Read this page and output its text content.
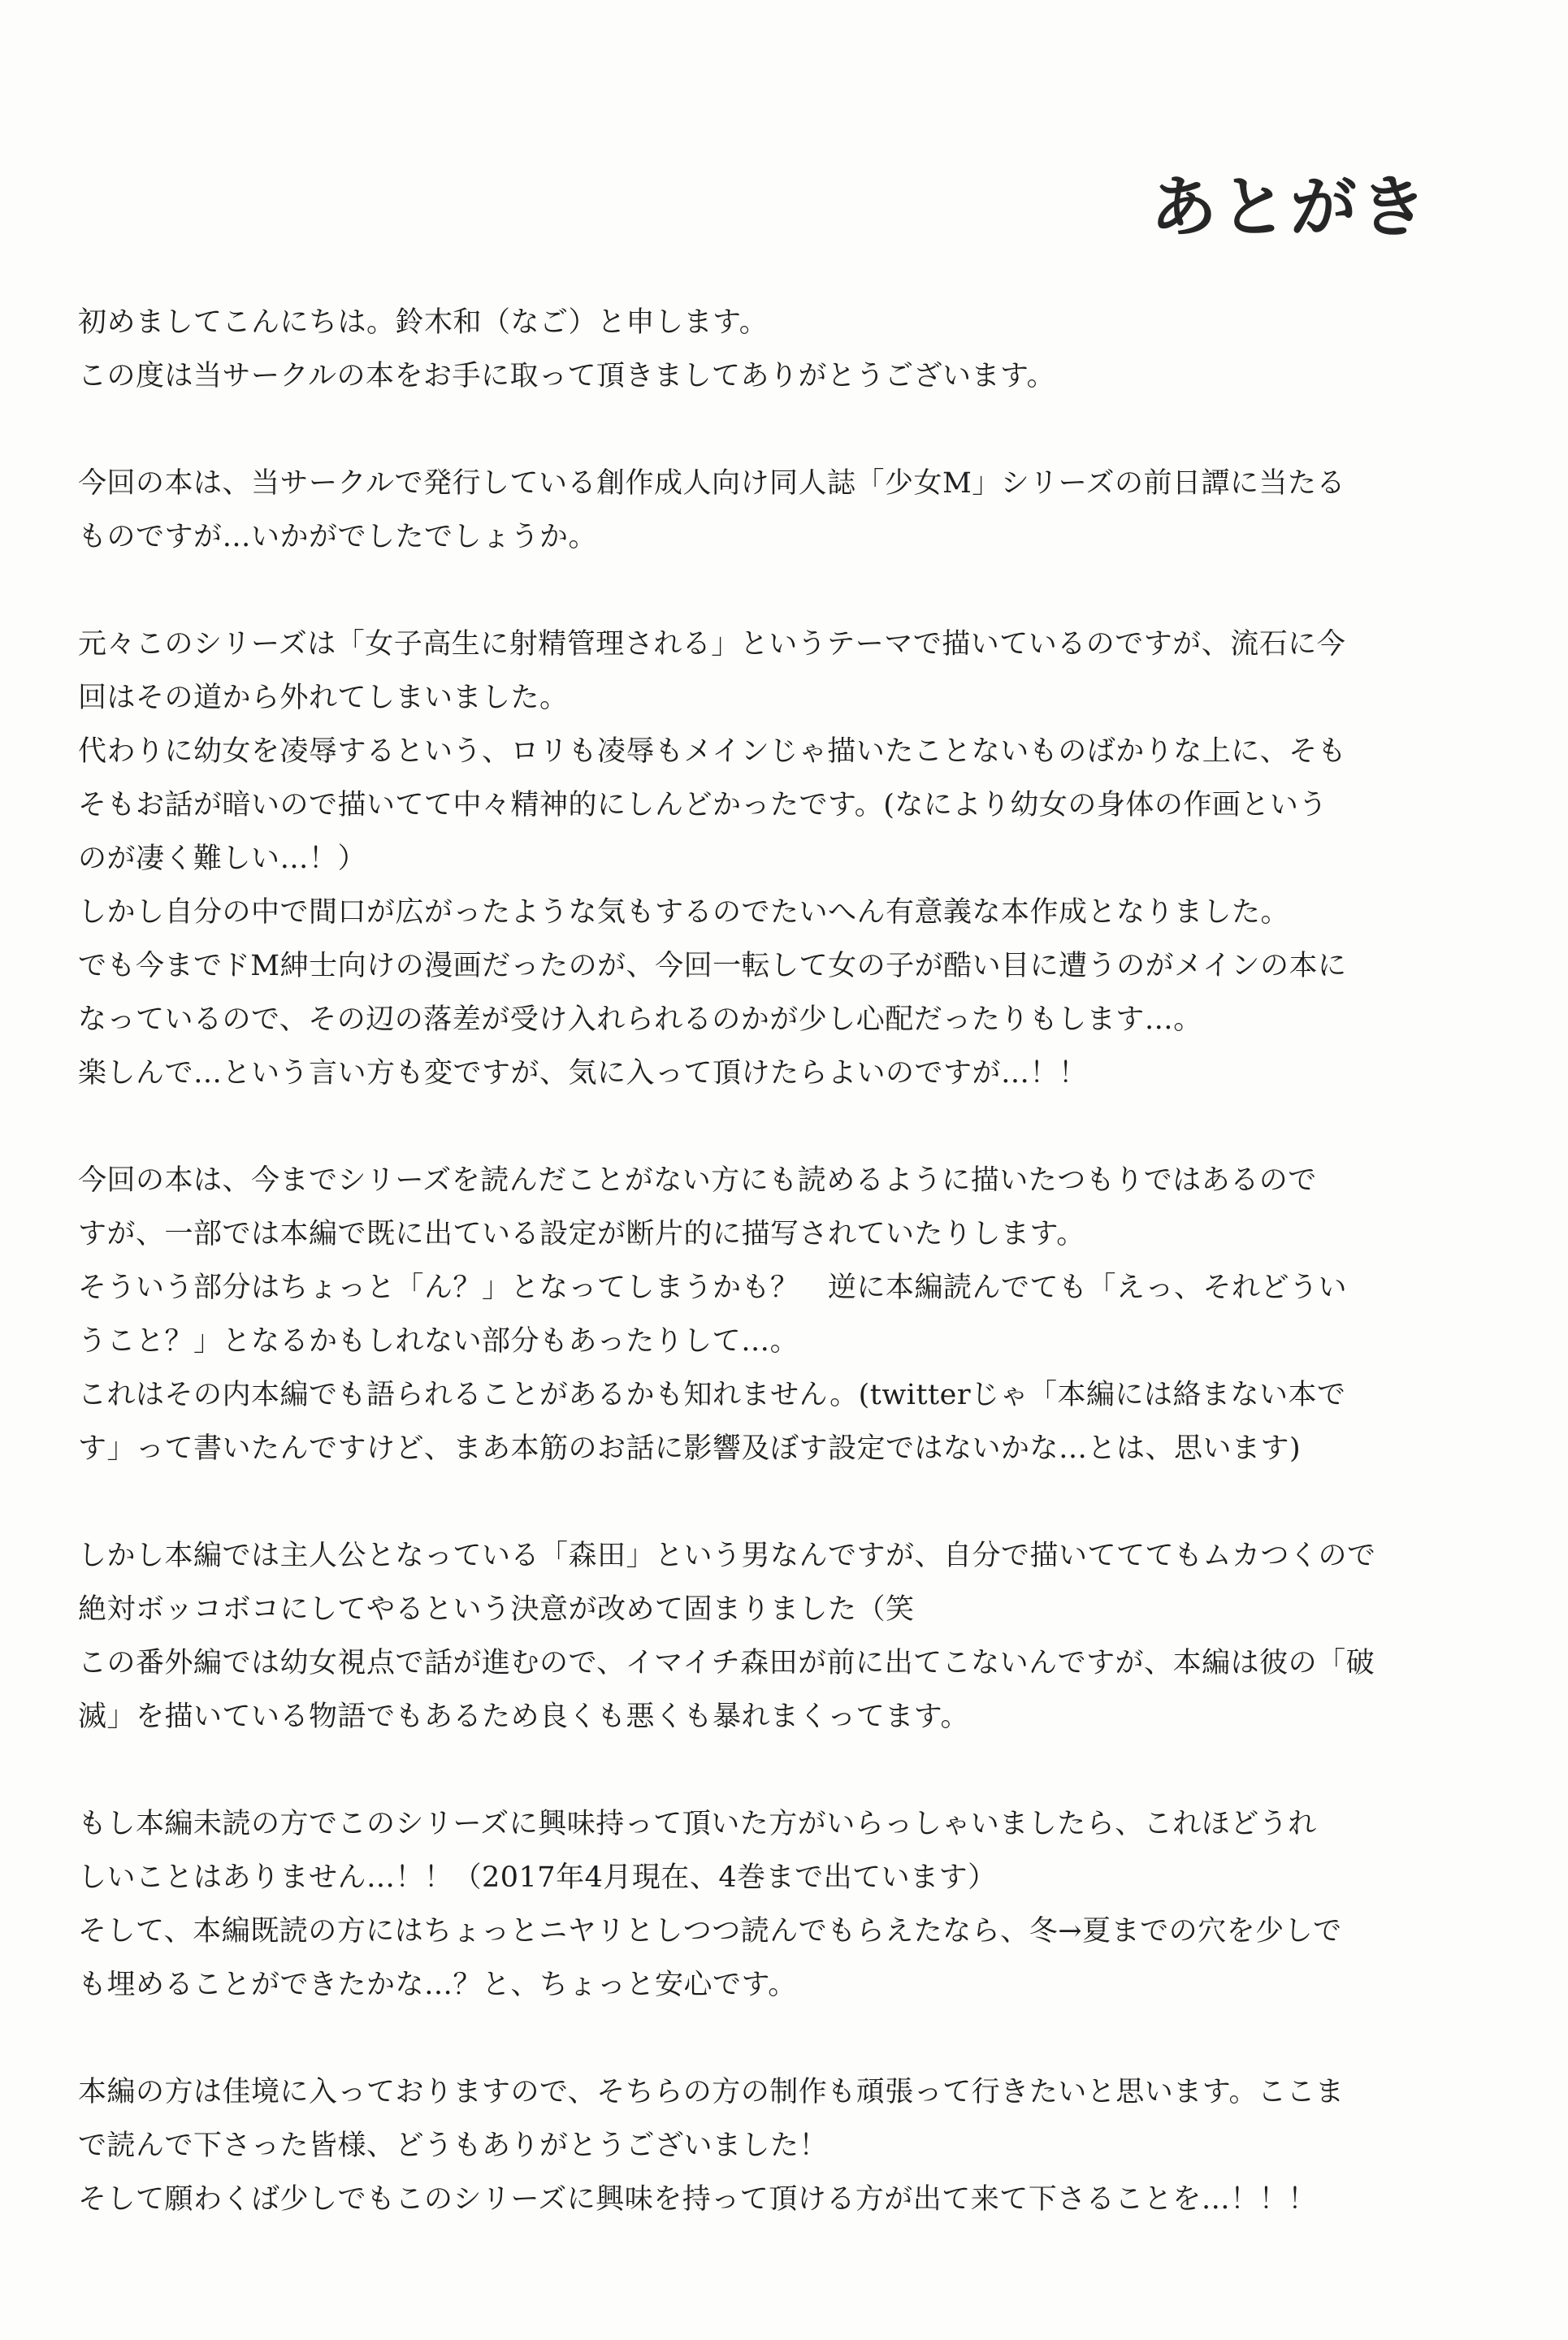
あとがき
初めましてこんにちは。鈴木和（なご）と申します。
この度は当サークルの本をお手に取って頂きましてありがとうございます。
今回の本は、当サークルで発行している創作成人向け同人誌「少女M」シリーズの前日譚に当たる
ものですが…いかがでしたでしょうか。
元々このシリーズは「女子高生に射精管理される」というテーマで描いているのですが、流石に今
回はその道から外れてしまいました。
代わりに幼女を凌辱するという、ロリも凌辱もメインじゃ描いたことないものばかりな上に、そも
そもお話が暗いので描いてて中々精神的にしんどかったです。(なにより幼女の身体の作画という
のが凄く難しい…！）
しかし自分の中で間口が広がったような気もするのでたいへん有意義な本作成となりました。
でも今までドM紳士向けの漫画だったのが、今回一転して女の子が酷い目に遭うのがメインの本に
なっているので、その辺の落差が受け入れられるのかが少し心配だったりもします…。
楽しんで…という言い方も変ですが、気に入って頂けたらよいのですが…！！
今回の本は、今までシリーズを読んだことがない方にも読めるように描いたつもりではあるので
すが、一部では本編で既に出ている設定が断片的に描写されていたりします。
そういう部分はちょっと「ん？」となってしまうかも？　逆に本編読んでても「えっ、それどうい
うこと？」となるかもしれない部分もあったりして…。
これはその内本編でも語られることがあるかも知れません。(twitterじゃ「本編には絡まない本で
す」って書いたんですけど、まあ本筋のお話に影響及ぼす設定ではないかな…とは、思います)
しかし本編では主人公となっている「森田」という男なんですが、自分で描いてててもムカつくので
絶対ボッコボコにしてやるという決意が改めて固まりました（笑
この番外編では幼女視点で話が進むので、イマイチ森田が前に出てこないんですが、本編は彼の「破
滅」を描いている物語でもあるため良くも悪くも暴れまくってます。
もし本編未読の方でこのシリーズに興味持って頂いた方がいらっしゃいましたら、これほどうれ
しいことはありません…！！（2017年4月現在、4巻まで出ています）
そして、本編既読の方にはちょっとニヤリとしつつ読んでもらえたなら、冬→夏までの穴を少しで
も埋めることができたかな…？と、ちょっと安心です。
本編の方は佳境に入っておりますので、そちらの方の制作も頑張って行きたいと思います。ここま
で読んで下さった皆様、どうもありがとうございました！
そして願わくば少しでもこのシリーズに興味を持って頂ける方が出て来て下さることを…！！！
